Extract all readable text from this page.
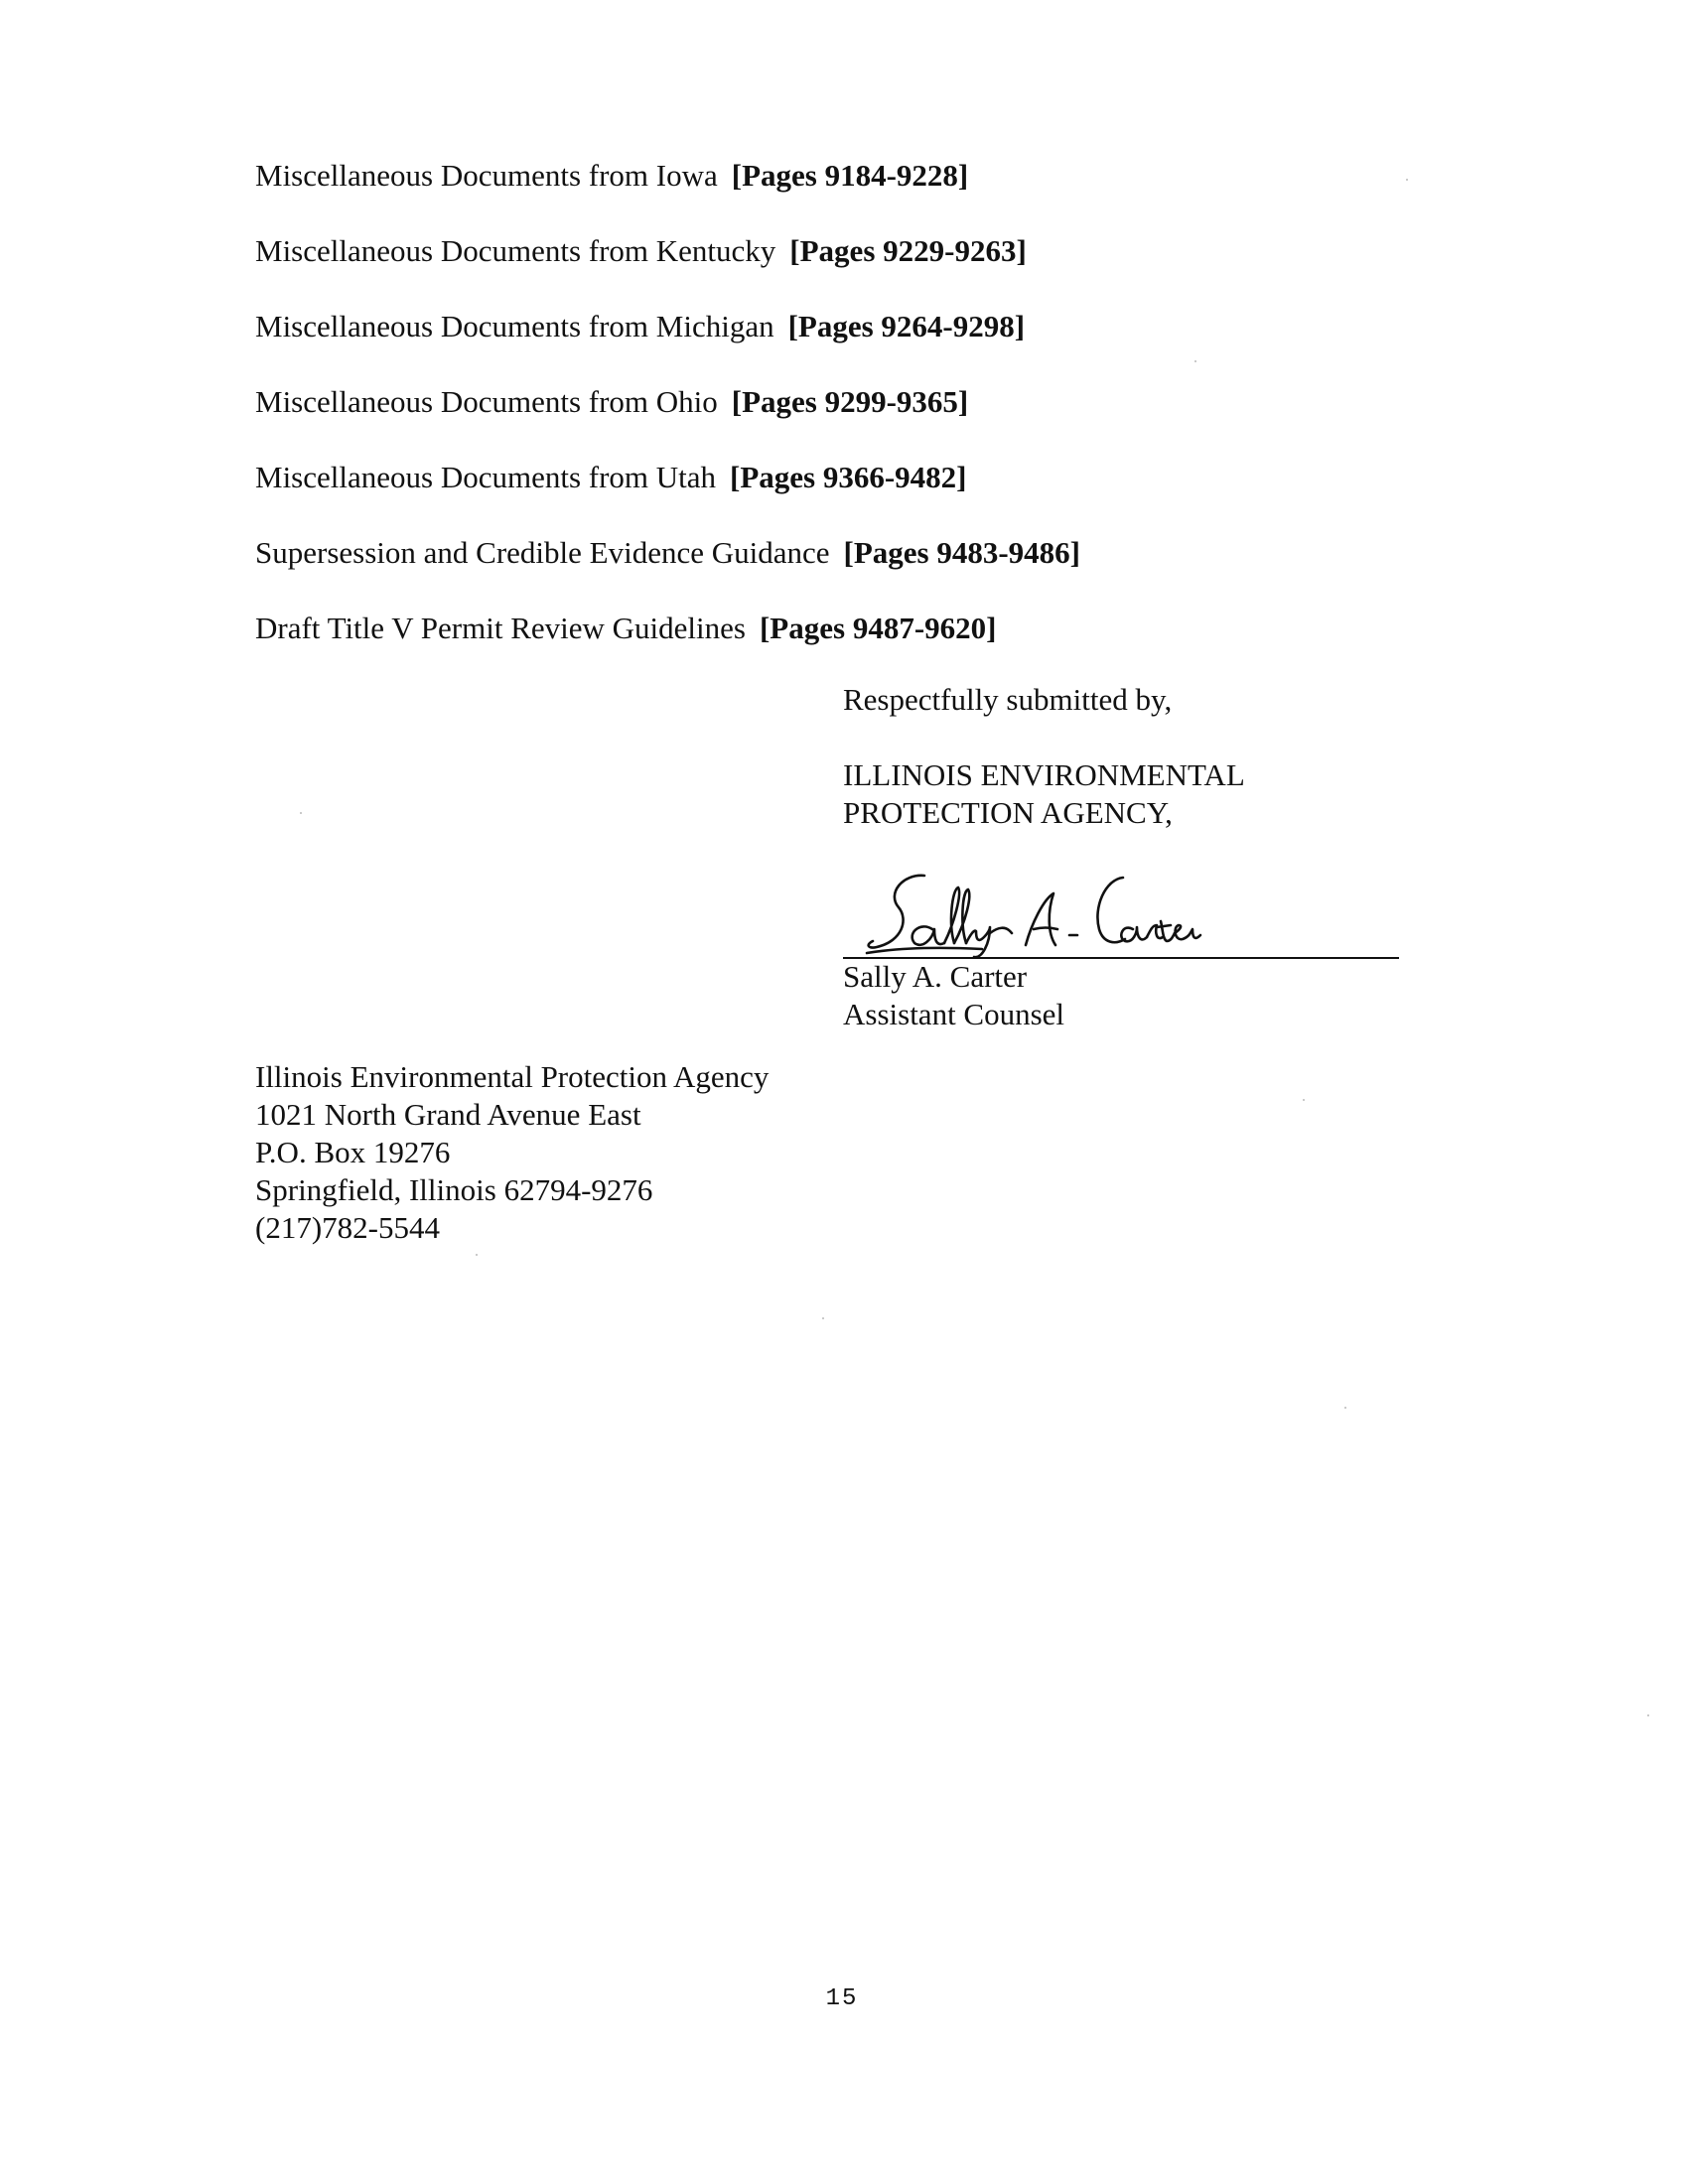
Miscellaneous Documents from Iowa [Pages 9184-9228]
Miscellaneous Documents from Kentucky [Pages 9229-9263]
Miscellaneous Documents from Michigan [Pages 9264-9298]
Miscellaneous Documents from Ohio [Pages 9299-9365]
Miscellaneous Documents from Utah [Pages 9366-9482]
Supersession and Credible Evidence Guidance [Pages 9483-9486]
Draft Title V Permit Review Guidelines [Pages 9487-9620]
Respectfully submitted by,
ILLINOIS ENVIRONMENTAL
PROTECTION AGENCY,
Sally A. Carter
Assistant Counsel
Illinois Environmental Protection Agency
1021 North Grand Avenue East
P.O. Box 19276
Springfield, Illinois 62794-9276
(217)782-5544
15
